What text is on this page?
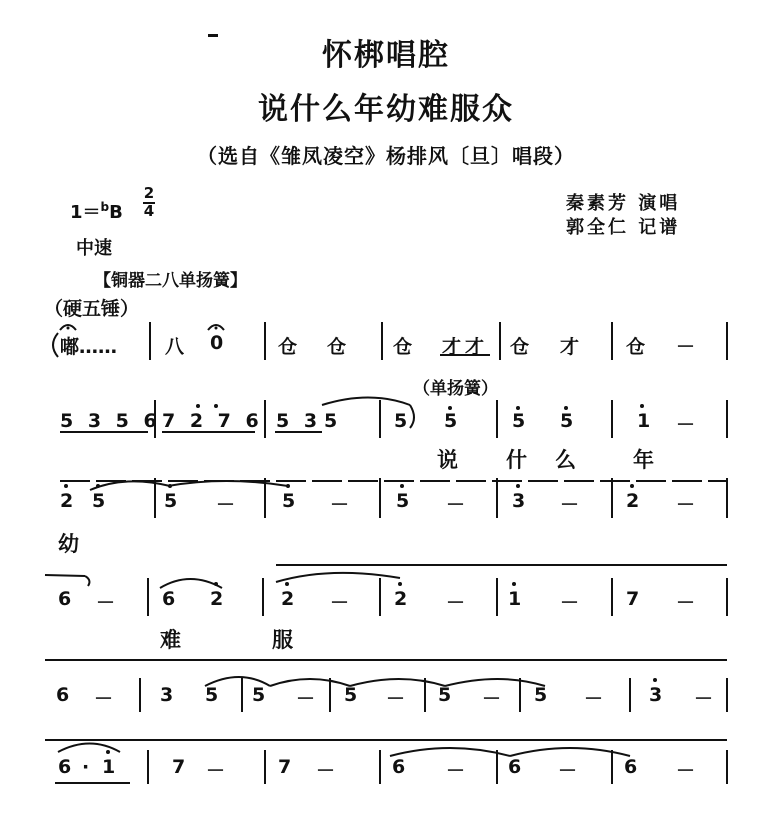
怀梆唱腔
说什么年幼难服众
（选自《雏凤凌空》杨排风〔旦〕唱段）
1＝$^b$B
2
4
中速
秦素芳 演唱
郭全仁 记谱
【铜器二八单扬簧】
（硬五锤）
嘟……	八 0	仓 仓 仓 才才 仓 才 仓 －
（单扬簧）
5 3 5 6 7 2 7 6 5 3 5	5 5	5 5	1 －
说 什 么	年
2 5	5 － 5 － 5 － 3 － 2 －
幼
6 － 6 2	2 － 2 － 1 － 7 －
难	服
6 － 3 5 5 － 5 － 5 － 5 － 3 －
6 · 1	7 －	7 －	6 － 6 － 6 －
